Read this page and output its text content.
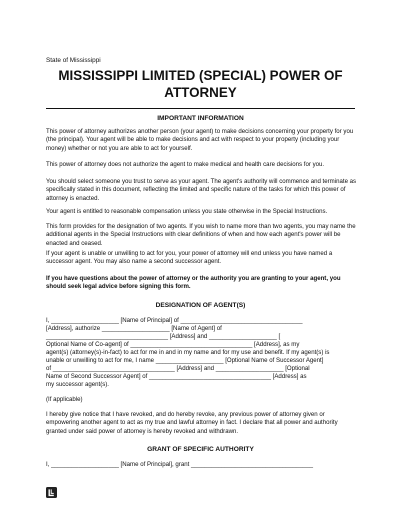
State of Mississippi
MISSISSIPPI LIMITED (SPECIAL) POWER OF
ATTORNEY
IMPORTANT INFORMATION

This power of attorney authorizes another person (your agent) to make decisions concerning your property for you (the principal). Your agent will be able to make decisions and act with respect to your property (including your money) whether or not you are able to act for yourself.

This power of attorney does not authorize the agent to make medical and health care decisions for you.

You should select someone you trust to serve as your agent. The agent's authority will commence and terminate as specifically stated in this document, reflecting the limited and specific nature of the tasks for which this power of attorney is enacted.

Your agent is entitled to reasonable compensation unless you state otherwise in the Special Instructions.

This form provides for the designation of two agents. If you wish to name more than two agents, you may name the additional agents in the Special Instructions with clear definitions of when and how each agent's power will be enacted and ceased.

If your agent is unable or unwilling to act for you, your power of attorney will end unless you have named a successor agent. You may also name a second successor agent.

If you have questions about the power of attorney or the authority you are granting to your agent, you should seek legal advice before signing this form.

DESIGNATION OF AGENT(S)
I, ____________________ [Name of Principal] of ____________________________________
[Address], authorize ____________________ [Name of Agent] of
____________________________________ [Address] and ____________________ [
Optional Name of Co-agent] of ____________________________________ [Address], as my
agent(s) (attorney(s)-in-fact) to act for me in and in my name and for my use and benefit. If my agent(s) is
unable or unwilling to act for me, I name ____________________ [Optional Name of Successor Agent]
of ____________________________________ [Address] and ____________________ [Optional
Name of Second Successor Agent] of ____________________________________ [Address] as
my successor agent(s).
(If applicable)

I hereby give notice that I have revoked, and do hereby revoke, any previous power of attorney given or empowering another agent to act as my true and lawful attorney in fact. I declare that all power and authority granted under said power of attorney is hereby revoked and withdrawn.

GRANT OF SPECIFIC AUTHORITY
I, ____________________ [Name of Principal], grant ____________________________________
